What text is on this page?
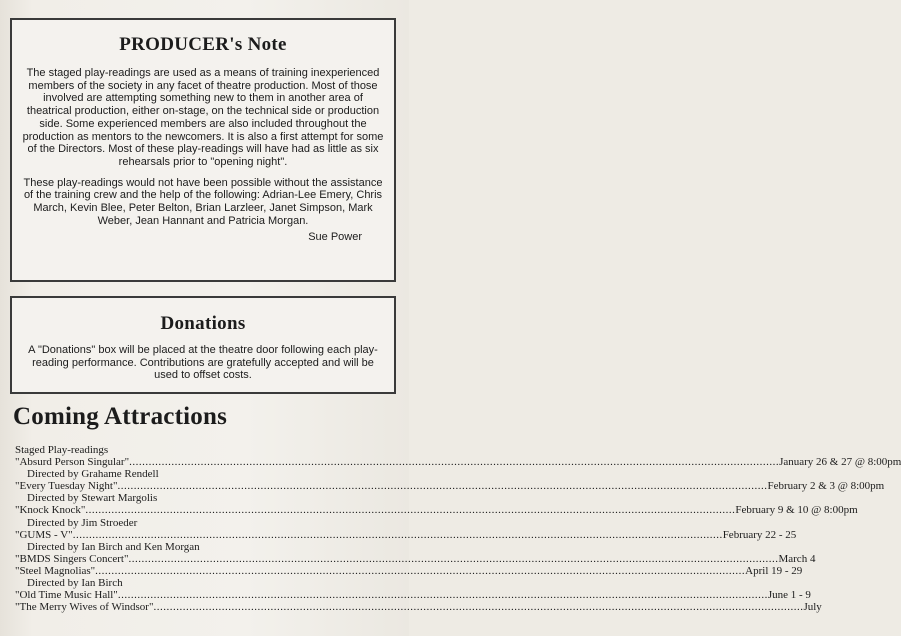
PRODUCER's Note

The staged play-readings are used as a means of training inexperienced members of the society in any facet of theatre production. Most of those involved are attempting something new to them in another area of theatrical production, either on-stage, on the technical side or production side. Some experienced members are also included throughout the production as mentors to the newcomers. It is also a first attempt for some of the Directors. Most of these play-readings will have had as little as six rehearsals prior to "opening night".

These play-readings would not have been possible without the assistance of the training crew and the help of the following: Adrian-Lee Emery, Chris March, Kevin Blee, Peter Belton, Brian Larzleer, Janet Simpson, Mark Weber, Jean Hannant and Patricia Morgan.

Sue Power
Donations

A "Donations" box will be placed at the theatre door following each play-reading performance. Contributions are gratefully accepted and will be used to offset costs.

Coming Attractions
Staged Play-readings
"Absurd Person Singular" ........................................................................................................................................................................................................ January 26 & 27 @ 8:00pm
Directed by Grahame Rendell
"Every Tuesday Night" ........................................................................................................................................................................................................ February 2 & 3 @ 8:00pm
Directed by Stewart Margolis
"Knock Knock" ........................................................................................................................................................................................................ February 9 & 10 @ 8:00pm
Directed by Jim Stroeder
"GUMS - V" ........................................................................................................................................................................................................ February 22 - 25
Directed by Ian Birch and Ken Morgan
"BMDS Singers Concert" ........................................................................................................................................................................................................ March 4
"Steel Magnolias" ........................................................................................................................................................................................................ April 19 - 29
Directed by Ian Birch
"Old Time Music Hall" ........................................................................................................................................................................................................ June 1 - 9
"The Merry Wives of Windsor" ........................................................................................................................................................................................................ July
